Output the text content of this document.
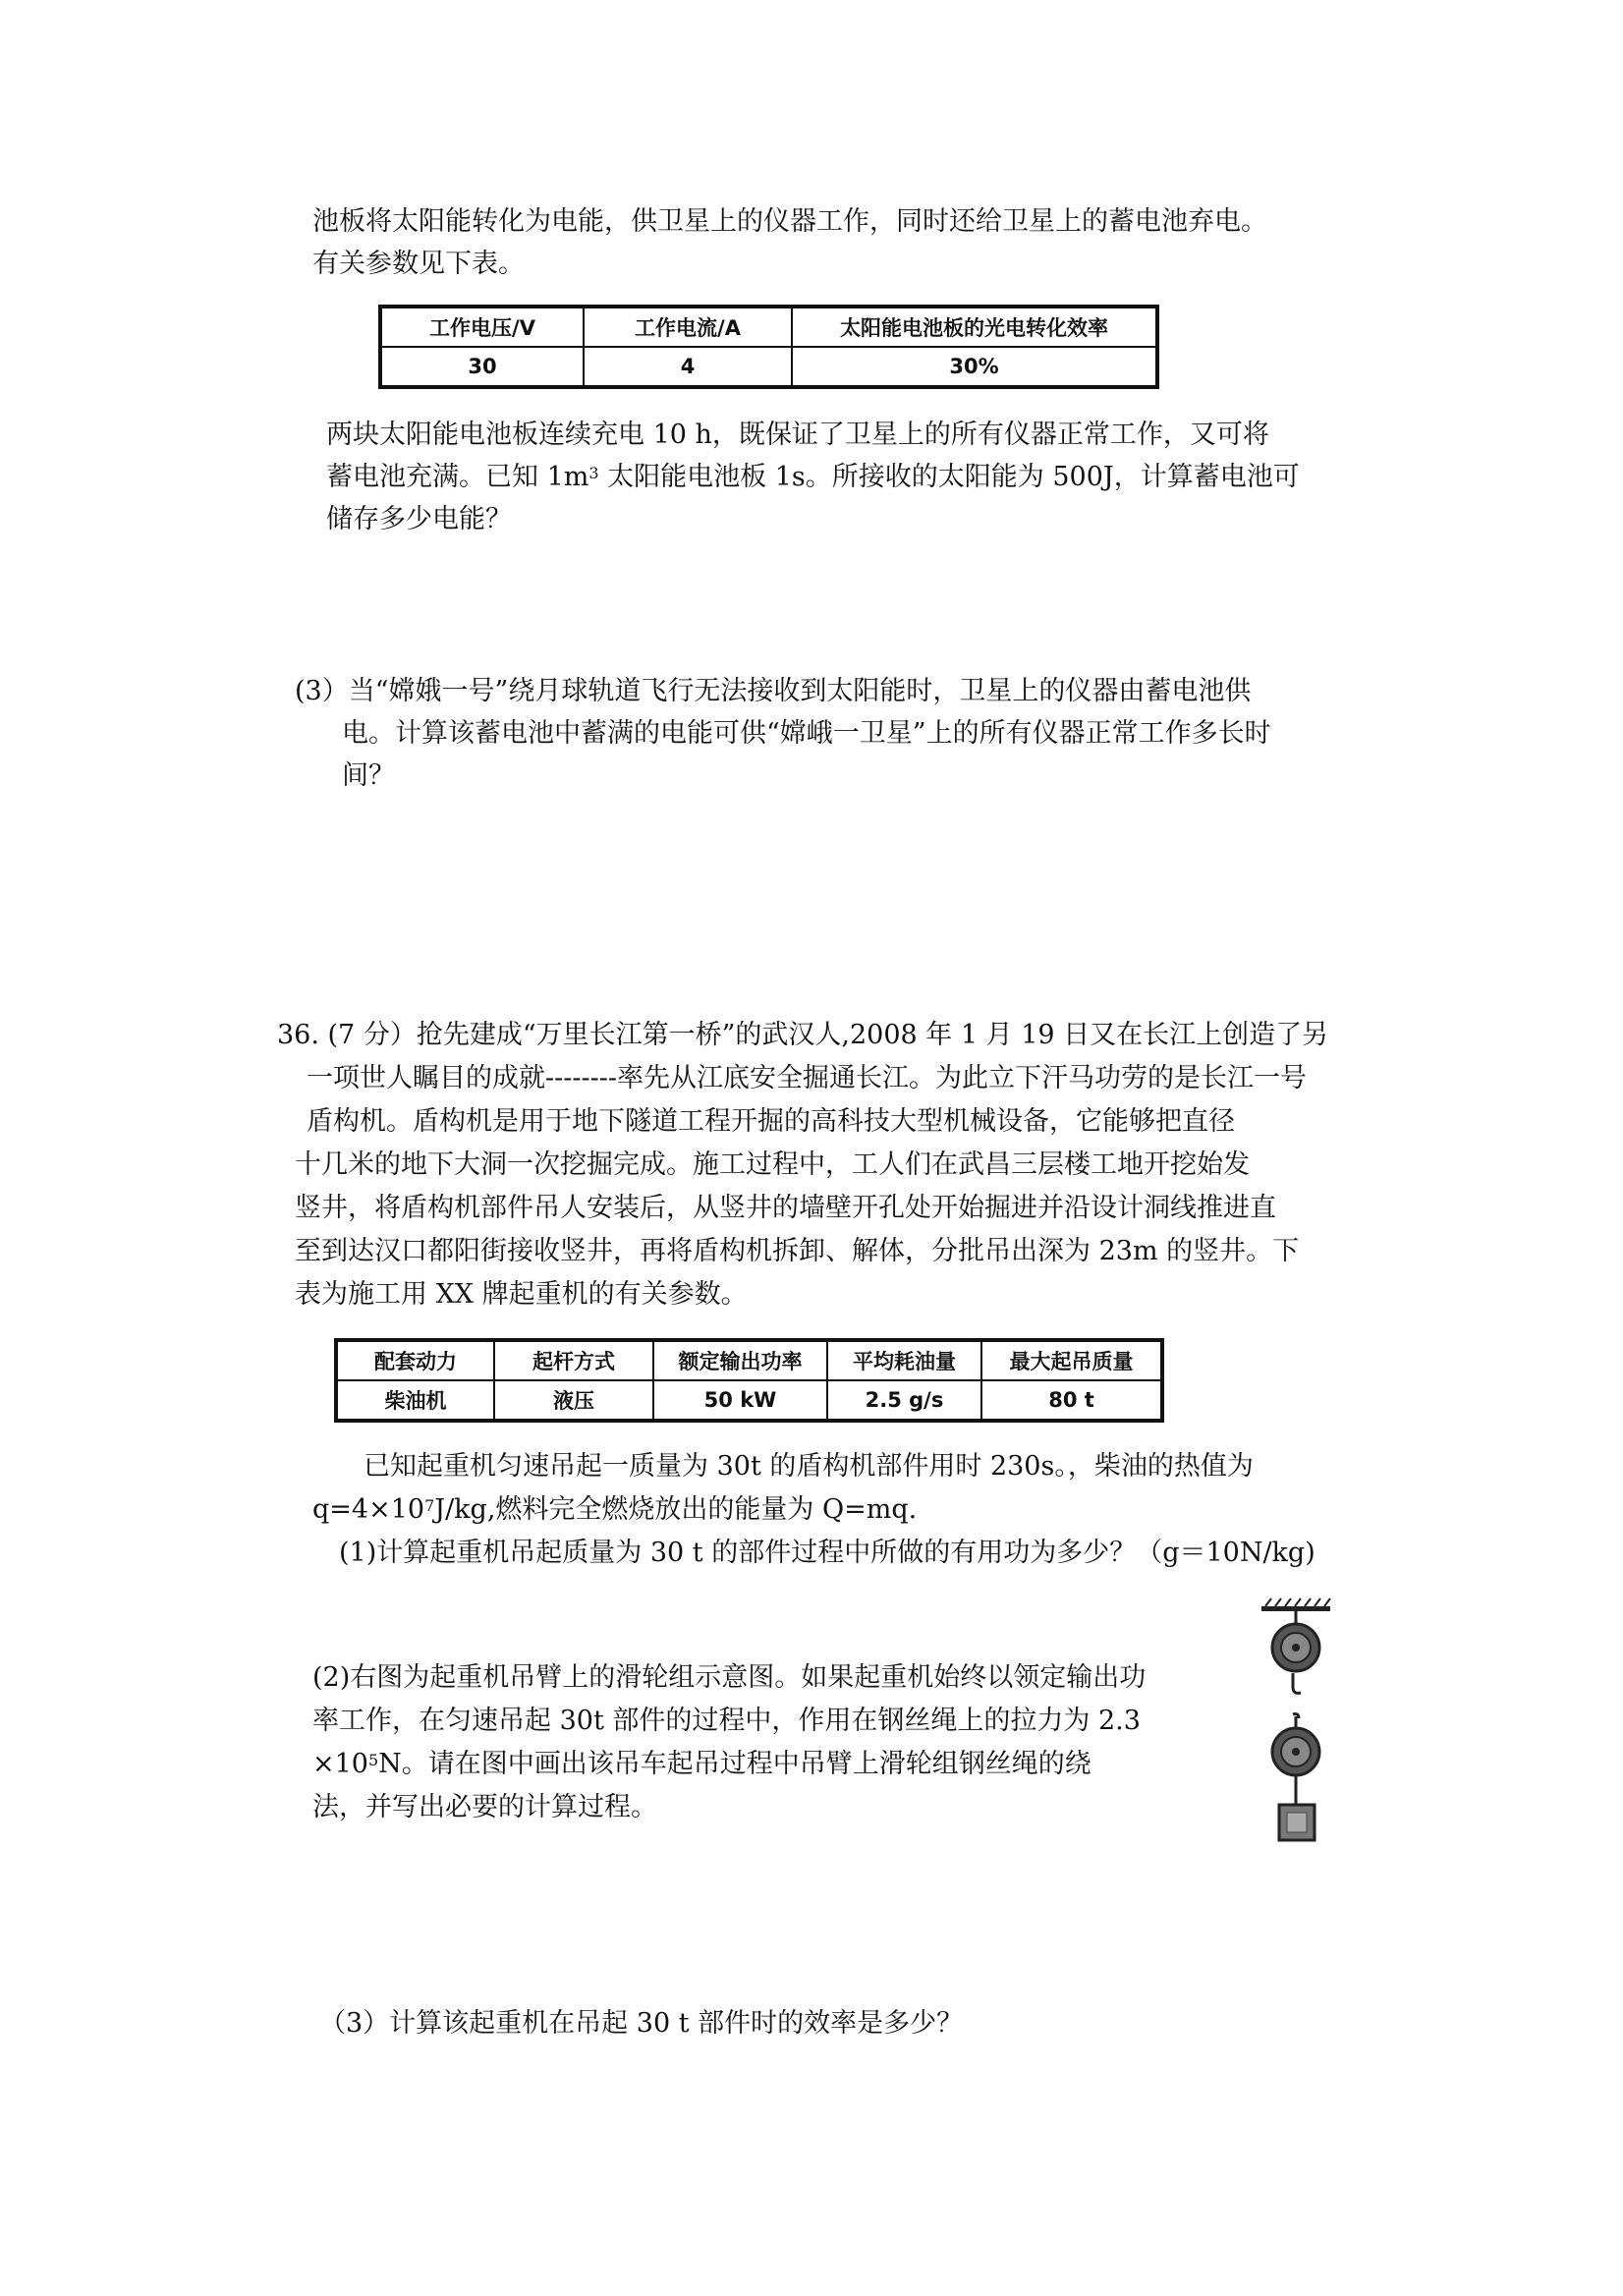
池板将太阳能转化为电能，供卫星上的仪器工作，同时还给卫星上的蓄电池弃电。
有关参数见下表。
工作电压/V	工作电流/A	太阳能电池板的光电转化效率
30	4	30%
两块太阳能电池板连续充电 10 h，既保证了卫星上的所有仪器正常工作，又可将
蓄电池充满。已知 $1m^3$ 太阳能电池板 1s。所接收的太阳能为 500J，计算蓄电池可
储存多少电能？
(3）当“嫦娥一号”绕月球轨道飞行无法接收到太阳能时，卫星上的仪器由蓄电池供
电。计算该蓄电池中蓄满的电能可供“嫦峨一卫星”上的所有仪器正常工作多长时
间？
36. (7 分）抢先建成“万里长江第一桥”的武汉人,2008 年 1 月 19 日又在长江上创造了另
一项世人瞩目的成就--------率先从江底安全掘通长江。为此立下汗马功劳的是长江一号
盾构机。盾构机是用于地下隧道工程开掘的高科技大型机械设备，它能够把直径
十几米的地下大洞一次挖掘完成。施工过程中，工人们在武昌三层楼工地开挖始发
竖井，将盾构机部件吊人安装后，从竖井的墙壁开孔处开始掘进并沿设计洞线推进直
至到达汉口都阳街接收竖井，再将盾构机拆卸、解体，分批吊出深为 23m 的竖井。下
表为施工用 XX 牌起重机的有关参数。
配套动力	起杆方式	额定输出功率	平均耗油量	最大起吊质量
柴油机	液压	50 kW	2.5 g/s	80 t
已知起重机匀速吊起一质量为 30t 的盾构机部件用时 230s。，柴油的热值为
$q=4\times 10^7J/kg$,燃料完全燃烧放出的能量为 Q=mq.
(1)计算起重机吊起质量为 30 t 的部件过程中所做的有用功为多少？（g＝10N/kg)
(2)右图为起重机吊臂上的滑轮组示意图。如果起重机始终以领定输出功
率工作，在匀速吊起 30t 部件的过程中，作用在钢丝绳上的拉力为 2.3
$\times 10^5N$。请在图中画出该吊车起吊过程中吊臂上滑轮组钢丝绳的绕
法，并写出必要的计算过程。
（3）计算该起重机在吊起 30 t 部件时的效率是多少？
